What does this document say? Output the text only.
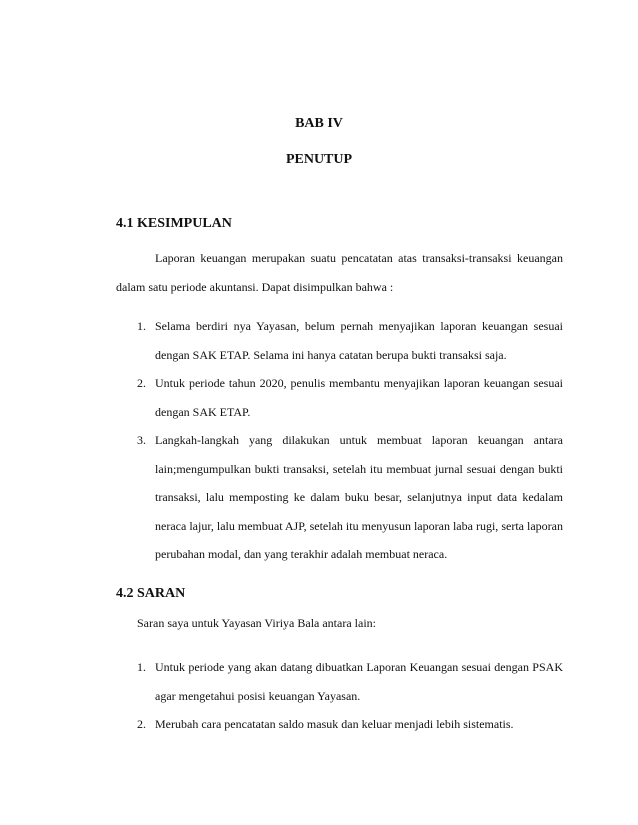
BAB IV
PENUTUP
4.1 KESIMPULAN
Laporan keuangan merupakan suatu pencatatan atas transaksi-transaksi keuangan dalam satu periode akuntansi. Dapat disimpulkan bahwa :
1. Selama berdiri nya Yayasan, belum pernah menyajikan laporan keuangan sesuai dengan SAK ETAP. Selama ini hanya catatan berupa bukti transaksi saja.
2. Untuk periode tahun 2020, penulis membantu menyajikan laporan keuangan sesuai dengan SAK ETAP.
3. Langkah-langkah yang dilakukan untuk membuat laporan keuangan antara lain;mengumpulkan bukti transaksi, setelah itu membuat jurnal sesuai dengan bukti transaksi, lalu memposting ke dalam buku besar, selanjutnya input data kedalam neraca lajur, lalu membuat AJP, setelah itu menyusun laporan laba rugi, serta laporan perubahan modal, dan yang terakhir adalah membuat neraca.
4.2 SARAN
Saran saya untuk Yayasan Viriya Bala antara lain:
1. Untuk periode yang akan datang dibuatkan Laporan Keuangan sesuai dengan PSAK agar mengetahui posisi keuangan Yayasan.
2. Merubah cara pencatatan saldo masuk dan keluar menjadi lebih sistematis.
